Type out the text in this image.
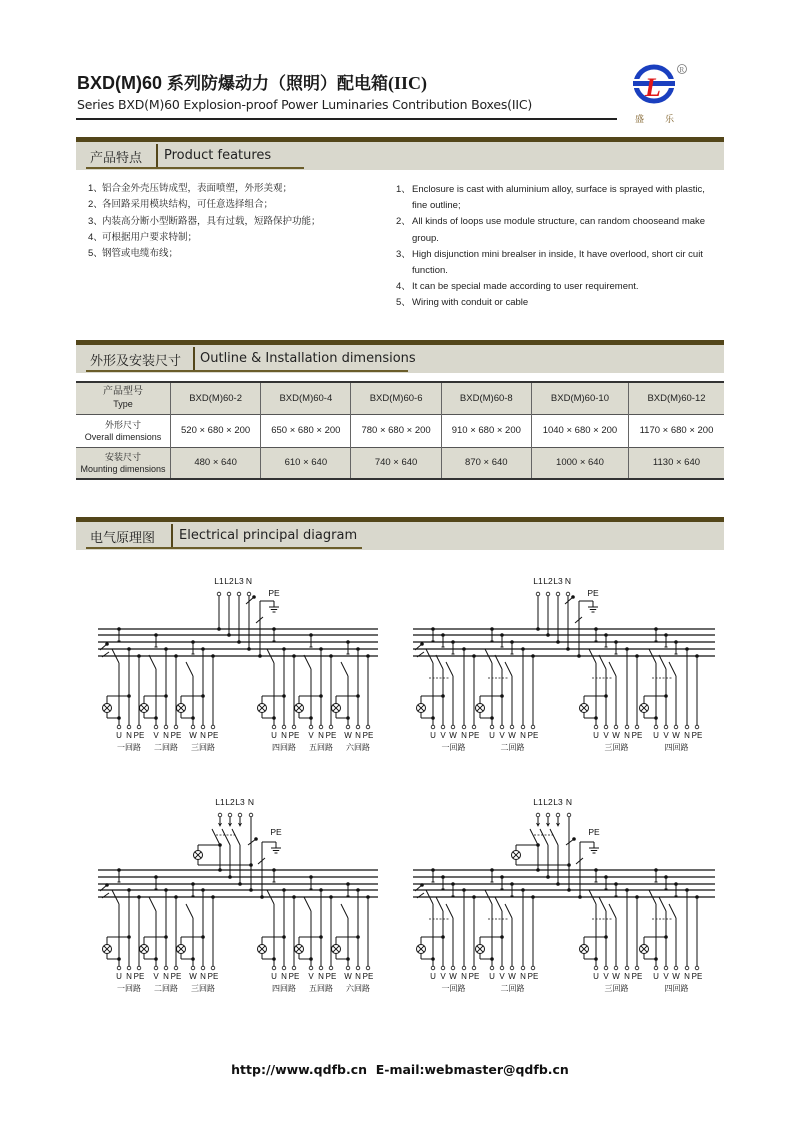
BXD(M)60 系列防爆动力（照明）配电箱(IIC)
Series BXD(M)60 Explosion-proof Power Luminaries Contribution Boxes(IIC)
L
R
盛 乐
产品特点 Product features
1、 铝合金外壳压铸成型，表面喷塑，外形美观；
2、 各回路采用模块结构，可任意选择组合；
3、 内装高分断小型断路器，具有过载，短路保护功能；
4、 可根据用户要求特制；
5、 钢管或电缆布线；
1、 Enclosure is cast with aluminium alloy, surface is sprayed with plastic, fine outline;
2、 All kinds of loops use module structure, can random chooseand make group.
3、 High disjunction mini brealser in inside, It have overlood, short cir cuit function.
4、 It can be special made according to user requirement.
5、 Wiring with conduit or cable
外形及安装尺寸 Outline & Installation dimensions
产品型号
Type	BXD(M)60-2	BXD(M)60-4	BXD(M)60-6	BXD(M)60-8	BXD(M)60-10	BXD(M)60-12

外形尺寸
Overall dimensions	520 × 680 × 200	650 × 680 × 200	780 × 680 × 200	910 × 680 × 200	1040 × 680 × 200	1170 × 680 × 200

安装尺寸
Mounting dimensions	480 × 640	610 × 640	740 × 640	870 × 640	1000 × 640	1130 × 640
电气原理图 Electrical principal diagram
L1 L2 L3 N
PE
U N PE
一回路
V N PE
二回路
W N PE
三回路
U N PE
四回路
V N PE
五回路
W N PE
六回路
L1 L2 L3 N
PE
U V W N PE
一回路
U V W N PE
二回路
U V W N PE
三回路
U V W N PE
四回路
L1 L2 L3 N
PE
U N PE
一回路
V N PE
二回路
W N PE
三回路
U N PE
四回路
V N PE
五回路
W N PE
六回路
L1 L2 L3 N
PE
U V W N PE
一回路
U V W N PE
二回路
U V W N PE
三回路
U V W N PE
四回路
http://www.qdfb.cn E-mail:webmaster@qdfb.cn
